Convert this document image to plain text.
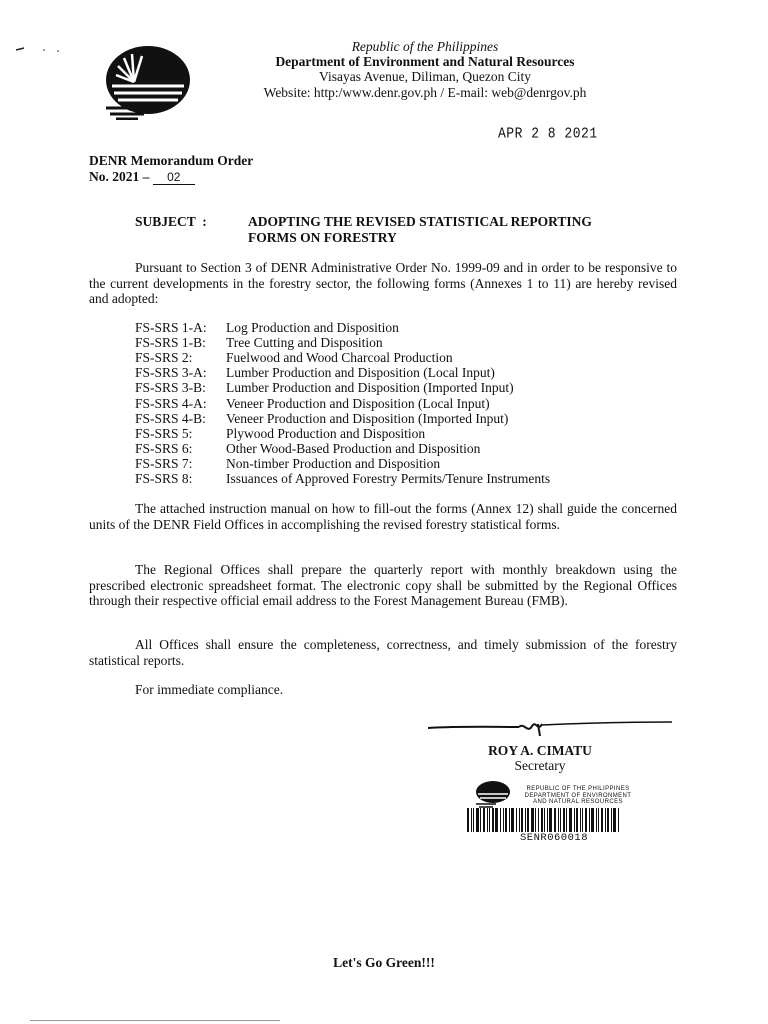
Republic of the Philippines
Department of Environment and Natural Resources
Visayas Avenue, Diliman, Quezon City
Website: http:/www.denr.gov.ph / E-mail: web@denrgov.ph
APR 2 8 2021
DENR Memorandum Order
No. 2021 – 02
SUBJECT  :	ADOPTING THE REVISED STATISTICAL REPORTING
FORMS ON FORESTRY
Pursuant to Section 3 of DENR Administrative Order No. 1999-09 and in order to be responsive to the current developments in the forestry sector, the following forms (Annexes 1 to 11) are hereby revised and adopted:
FS-SRS 1-A: Log Production and Disposition
FS-SRS 1-B: Tree Cutting and Disposition
FS-SRS 2: Fuelwood and Wood Charcoal Production
FS-SRS 3-A: Lumber Production and Disposition (Local Input)
FS-SRS 3-B: Lumber Production and Disposition (Imported Input)
FS-SRS 4-A: Veneer Production and Disposition (Local Input)
FS-SRS 4-B: Veneer Production and Disposition (Imported Input)
FS-SRS 5: Plywood Production and Disposition
FS-SRS 6: Other Wood-Based Production and Disposition
FS-SRS 7: Non-timber Production and Disposition
FS-SRS 8: Issuances of Approved Forestry Permits/Tenure Instruments
The attached instruction manual on how to fill-out the forms (Annex 12) shall guide the concerned units of the DENR Field Offices in accomplishing the revised forestry statistical forms.
The Regional Offices shall prepare the quarterly report with monthly breakdown using the prescribed electronic spreadsheet format. The electronic copy shall be submitted by the Regional Offices through their respective official email address to the Forest Management Bureau (FMB).
All Offices shall ensure the completeness, correctness, and timely submission of the forestry statistical reports.
For immediate compliance.
ROY A. CIMATU
Secretary
REPUBLIC OF THE PHILIPPINES
DEPARTMENT OF ENVIRONMENT
AND NATURAL RESOURCES
SENR060018
Let's Go Green!!!
